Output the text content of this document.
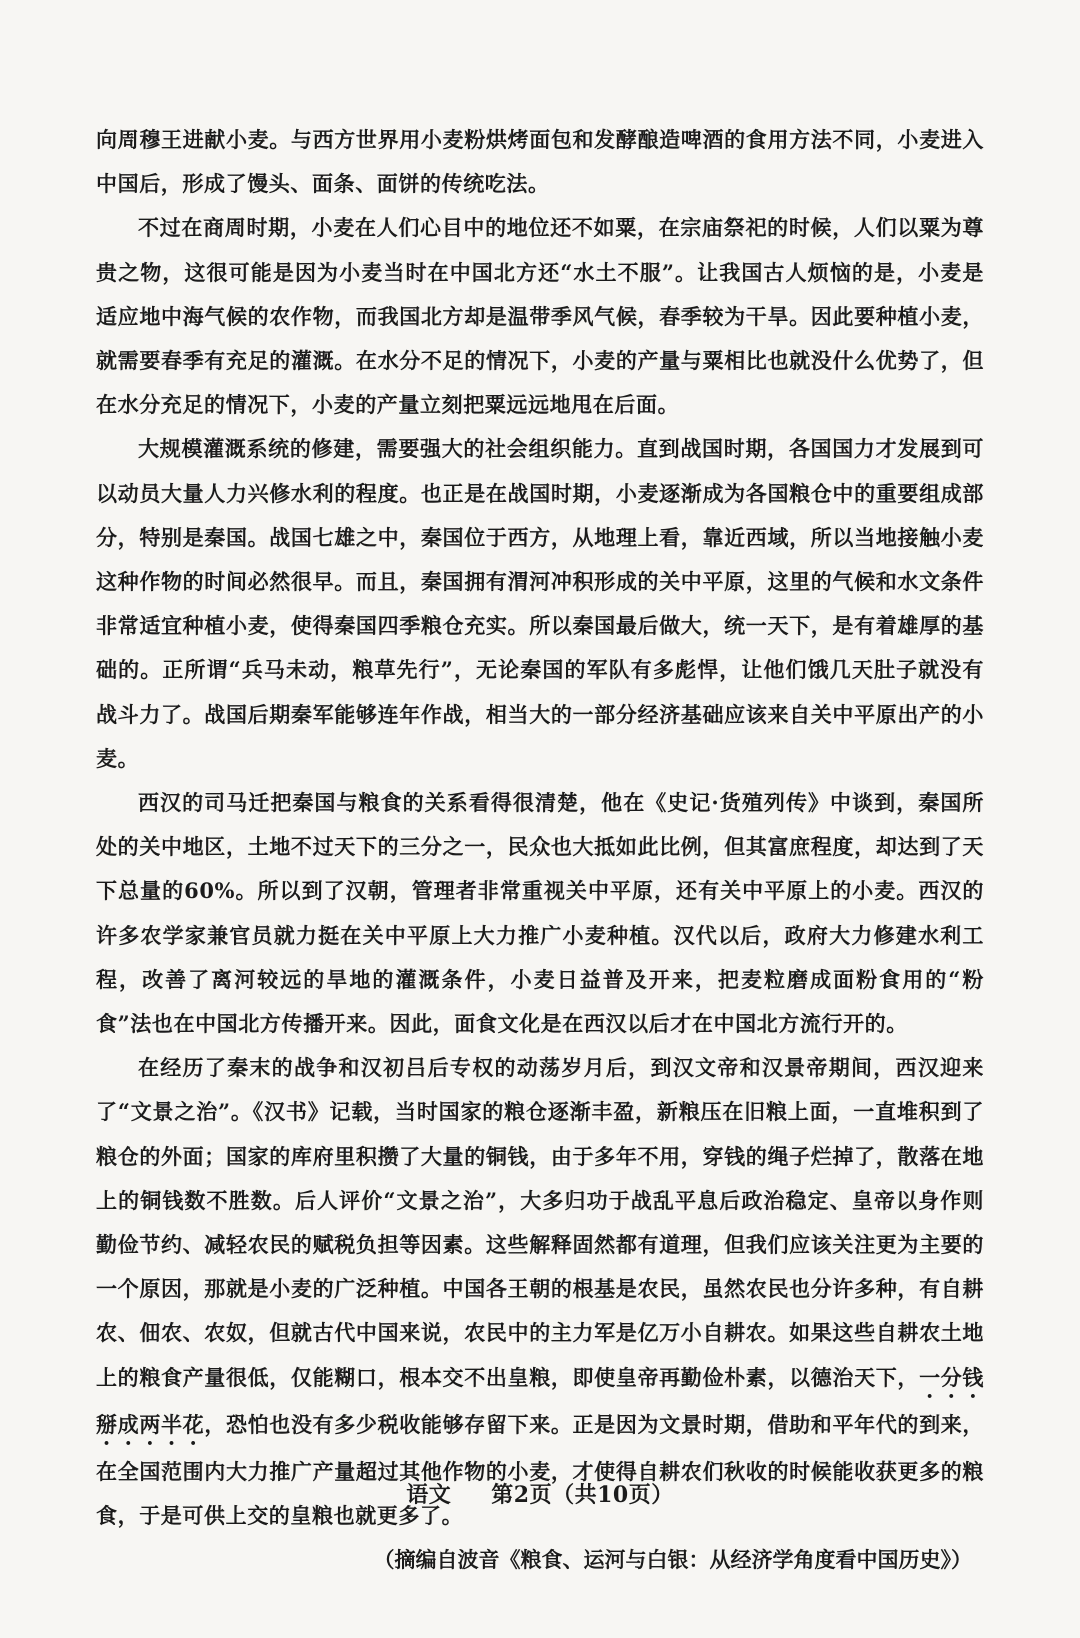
向周穆王进献小麦。与西方世界用小麦粉烘烤面包和发酵酿造啤酒的食用方法不同，小麦进入中国后，形成了馒头、面条、面饼的传统吃法。

不过在商周时期，小麦在人们心目中的地位还不如粟，在宗庙祭祀的时候，人们以粟为尊贵之物，这很可能是因为小麦当时在中国北方还“水土不服”。让我国古人烦恼的是，小麦是适应地中海气候的农作物，而我国北方却是温带季风气候，春季较为干旱。因此要种植小麦，就需要春季有充足的灌溉。在水分不足的情况下，小麦的产量与粟相比也就没什么优势了，但在水分充足的情况下，小麦的产量立刻把粟远远地甩在后面。

大规模灌溉系统的修建，需要强大的社会组织能力。直到战国时期，各国国力才发展到可以动员大量人力兴修水利的程度。也正是在战国时期，小麦逐渐成为各国粮仓中的重要组成部分，特别是秦国。战国七雄之中，秦国位于西方，从地理上看，靠近西域，所以当地接触小麦这种作物的时间必然很早。而且，秦国拥有渭河冲积形成的关中平原，这里的气候和水文条件非常适宜种植小麦，使得秦国四季粮仓充实。所以秦国最后做大，统一天下，是有着雄厚的基础的。正所谓“兵马未动，粮草先行”，无论秦国的军队有多彪悍，让他们饿几天肚子就没有战斗力了。战国后期秦军能够连年作战，相当大的一部分经济基础应该来自关中平原出产的小麦。

西汉的司马迁把秦国与粮食的关系看得很清楚，他在《史记·货殖列传》中谈到，秦国所处的关中地区，土地不过天下的三分之一，民众也大抵如此比例，但其富庶程度，却达到了天下总量的60%。所以到了汉朝，管理者非常重视关中平原，还有关中平原上的小麦。西汉的许多农学家兼官员就力挺在关中平原上大力推广小麦种植。汉代以后，政府大力修建水利工程，改善了离河较远的旱地的灌溉条件，小麦日益普及开来，把麦粒磨成面粉食用的“粉食”法也在中国北方传播开来。因此，面食文化是在西汉以后才在中国北方流行开的。

在经历了秦末的战争和汉初吕后专权的动荡岁月后，到汉文帝和汉景帝期间，西汉迎来了“文景之治”。《汉书》记载，当时国家的粮仓逐渐丰盈，新粮压在旧粮上面，一直堆积到了粮仓的外面；国家的库府里积攒了大量的铜钱，由于多年不用，穿钱的绳子烂掉了，散落在地上的铜钱数不胜数。后人评价“文景之治”，大多归功于战乱平息后政治稳定、皇帝以身作则勤俭节约、减轻农民的赋税负担等因素。这些解释固然都有道理，但我们应该关注更为主要的一个原因，那就是小麦的广泛种植。中国各王朝的根基是农民，虽然农民也分许多种，有自耕农、佃农、农奴，但就古代中国来说，农民中的主力军是亿万小自耕农。如果这些自耕农土地上的粮食产量很低，仅能糊口，根本交不出皇粮，即使皇帝再勤俭朴素，以德治天下，一分钱掰成两半花，恐怕也没有多少税收能够存留下来。正是因为文景时期，借助和平年代的到来，在全国范围内大力推广产量超过其他作物的小麦，才使得自耕农们秋收的时候能收获更多的粮食，于是可供上交的皇粮也就更多了。

（摘编自波音《粮食、运河与白银：从经济学角度看中国历史》）

语文 第2页（共10页）
